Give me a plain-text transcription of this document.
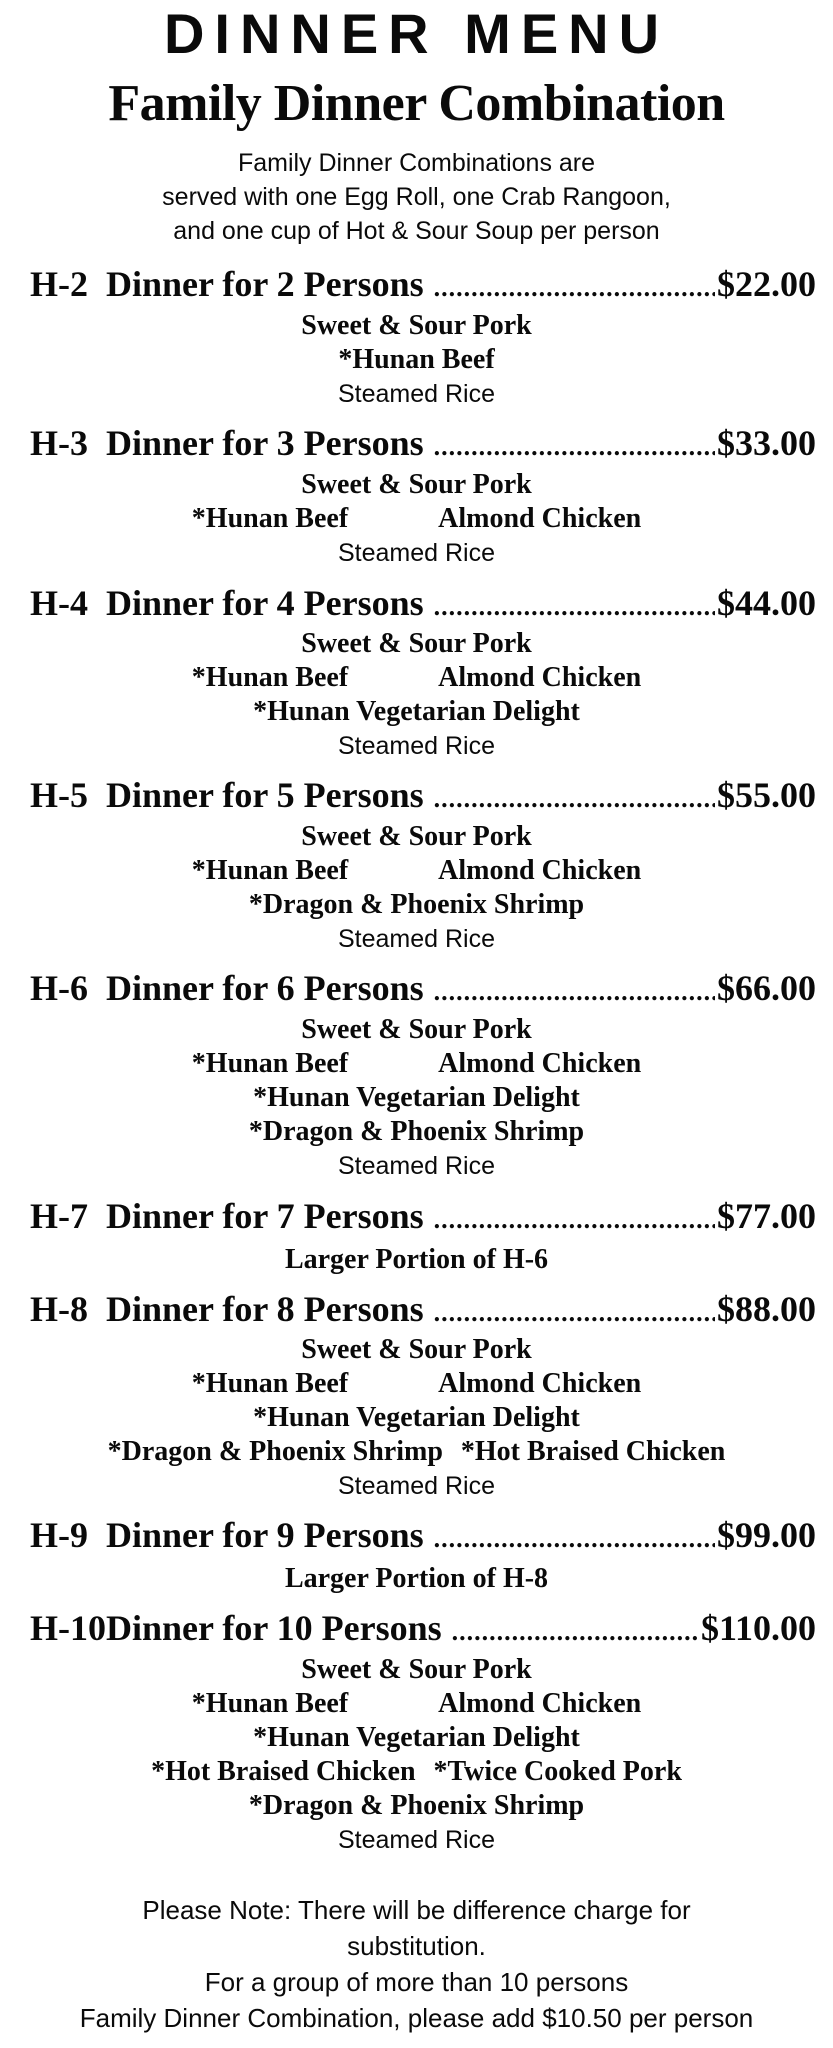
DINNER MENU
Family Dinner Combination
Family Dinner Combinations are
served with one Egg Roll, one Crab Rangoon,
and one cup of Hot & Sour Soup per person
H-2 Dinner for 2 Persons .....	$22.00
Sweet & Sour Pork
*Hunan Beef
Steamed Rice
H-3 Dinner for 3 Persons .....	$33.00
Sweet & Sour Pork
*Hunan Beef	Almond Chicken
Steamed Rice
H-4 Dinner for 4 Persons .....	$44.00
Sweet & Sour Pork
*Hunan Beef	Almond Chicken
*Hunan Vegetarian Delight
Steamed Rice
H-5 Dinner for 5 Persons .....	$55.00
Sweet & Sour Pork
*Hunan Beef	Almond Chicken
*Dragon & Phoenix Shrimp
Steamed Rice
H-6 Dinner for 6 Persons .....	$66.00
Sweet & Sour Pork
*Hunan Beef	Almond Chicken
*Hunan Vegetarian Delight
*Dragon & Phoenix Shrimp
Steamed Rice
H-7 Dinner for 7 Persons .....	$77.00
Larger Portion of H-6
H-8 Dinner for 8 Persons .....	$88.00
Sweet & Sour Pork
*Hunan Beef	Almond Chicken
*Hunan Vegetarian Delight
*Dragon & Phoenix Shrimp *Hot Braised Chicken
Steamed Rice
H-9 Dinner for 9 Persons .....	$99.00
Larger Portion of H-8
H-10 Dinner for 10 Persons .....	$110.00
Sweet & Sour Pork
*Hunan Beef	Almond Chicken
*Hunan Vegetarian Delight
*Hot Braised Chicken *Twice Cooked Pork
*Dragon & Phoenix Shrimp
Steamed Rice
Please Note: There will be difference charge for
substitution.
For a group of more than 10 persons
Family Dinner Combination, please add $10.50 per person
